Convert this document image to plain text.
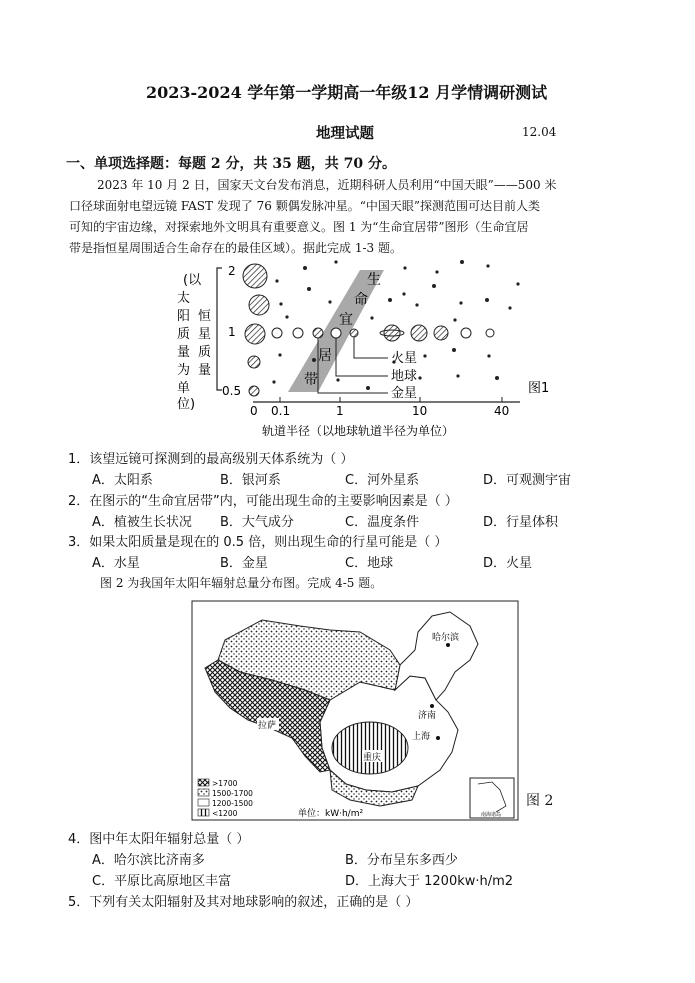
2023-2024 学年第一学期高一年级12 月学情调研测试
地理试题	12.04
一、单项选择题：每题 2 分，共 35 题，共 70 分。
2023 年 10 月 2 日，国家天文台发布消息，近期科研人员利用“中国天眼”——500 米
口径球面射电望远镜 FAST 发现了 76 颗偶发脉冲星。“中国天眼”探测范围可达目前人类
可知的宇宙边缘，对探索地外文明具有重要意义。图 1 为“生命宜居带”图形（生命宜居
带是指恒星周围适合生命存在的最佳区域）。据此完成 1-3 题。
(以
太
阳
质
量
为
单
位)
恒
星
质
量
2
1
0.5
生
命
宜
居
带
火星
地球
金星
0 0.1	1	10	40
轨道半径（以地球轨道半径为单位）
图1
1．该望远镜可探测到的最高级别天体系统为（ ）
A．太阳系	B．银河系	C．河外星系	D．可观测宇宙
2．在图示的“生命宜居带”内，可能出现生命的主要影响因素是（ ）
A．植被生长状况 B．大气成分	C．温度条件	D．行星体积
3．如果太阳质量是现在的 0.5 倍，则出现生命的行星可能是（ ）
A．水星	B．金星	C．地球	D．火星
图 2 为我国年太阳年辐射总量分布图。完成 4-5 题。
南海诸岛
哈尔滨
拉萨
济南
重庆
上海
>1700
1500-1700
1200-1500
<1200	单位：kW·h/m²
图 2
4．图中年太阳年辐射总量（ ）
A．哈尔滨比济南多	B．分布呈东多西少
C．平原比高原地区丰富	D．上海大于 1200kw·h/m2
5．下列有关太阳辐射及其对地球影响的叙述，正确的是（ ）
